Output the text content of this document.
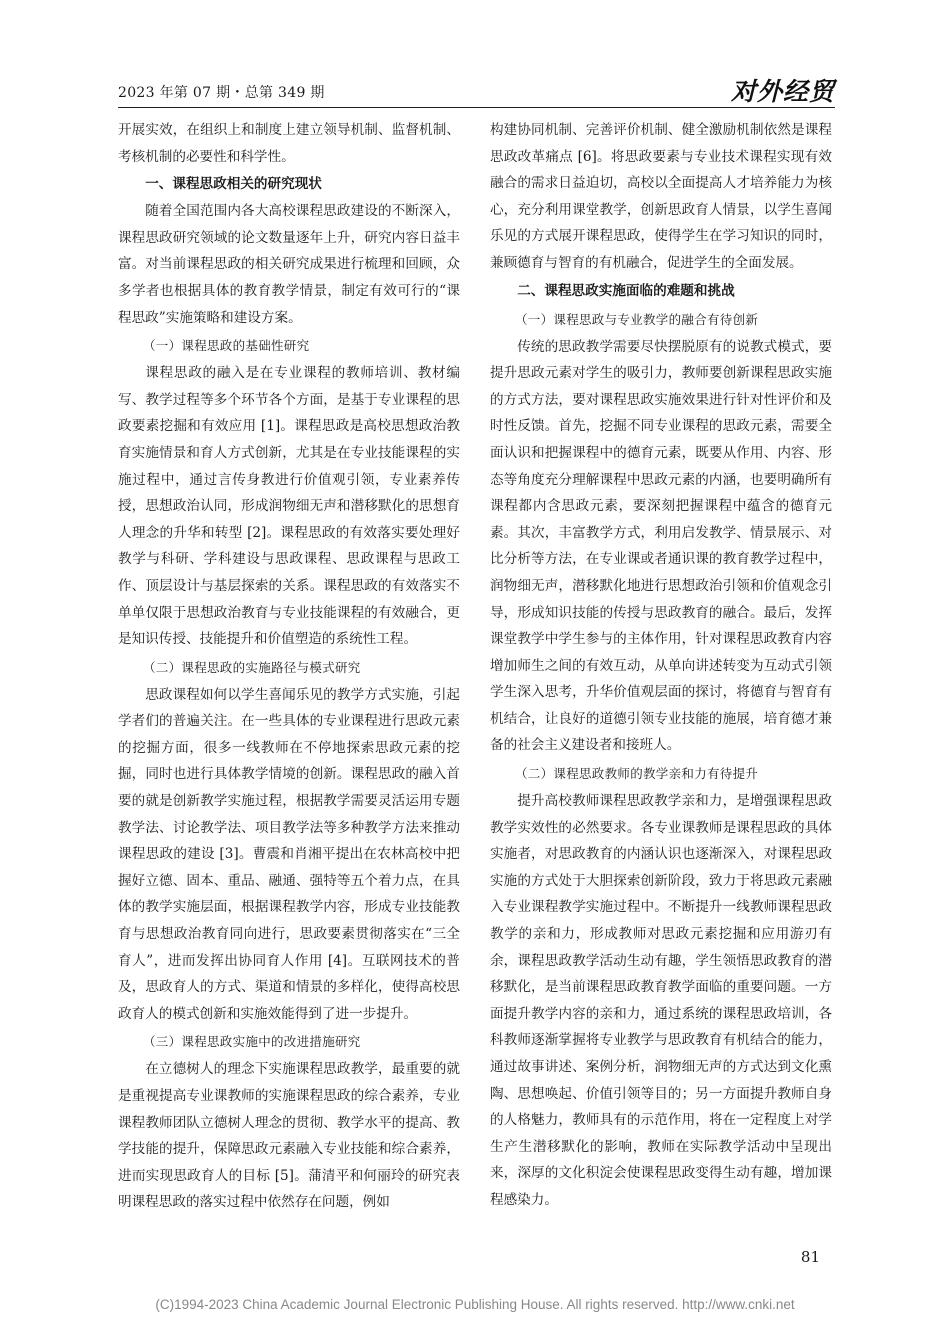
2023 年第 07 期・总第 349 期	对外经贸

开展实效，在组织上和制度上建立领导机制、监督机制、考核机制的必要性和科学性。

一、课程思政相关的研究现状

随着全国范围内各大高校课程思政建设的不断深入，课程思政研究领域的论文数量逐年上升，研究内容日益丰富。对当前课程思政的相关研究成果进行梳理和回顾，众多学者也根据具体的教育教学情景，制定有效可行的“课程思政”实施策略和建设方案。

（一）课程思政的基础性研究

课程思政的融入是在专业课程的教师培训、教材编写、教学过程等多个环节各个方面，是基于专业课程的思政要素挖掘和有效应用 [1]。课程思政是高校思想政治教育实施情景和育人方式创新，尤其是在专业技能课程的实施过程中，通过言传身教进行价值观引领，专业素养传授，思想政治认同，形成润物细无声和潜移默化的思想育人理念的升华和转型 [2]。课程思政的有效落实要处理好教学与科研、学科建设与思政课程、思政课程与思政工作、顶层设计与基层探索的关系。课程思政的有效落实不单单仅限于思想政治教育与专业技能课程的有效融合，更是知识传授、技能提升和价值塑造的系统性工程。

（二）课程思政的实施路径与模式研究

思政课程如何以学生喜闻乐见的教学方式实施，引起学者们的普遍关注。在一些具体的专业课程进行思政元素的挖掘方面，很多一线教师在不停地探索思政元素的挖掘，同时也进行具体教学情境的创新。课程思政的融入首要的就是创新教学实施过程，根据教学需要灵活运用专题教学法、讨论教学法、项目教学法等多种教学方法来推动课程思政的建设 [3]。曹震和肖湘平提出在农林高校中把握好立德、固本、重品、融通、强特等五个着力点，在具体的教学实施层面，根据课程教学内容，形成专业技能教育与思想政治教育同向进行，思政要素贯彻落实在“三全育人”，进而发挥出协同育人作用 [4]。互联网技术的普及，思政育人的方式、渠道和情景的多样化，使得高校思政育人的模式创新和实施效能得到了进一步提升。

（三）课程思政实施中的改进措施研究

在立德树人的理念下实施课程思政教学，最重要的就是重视提高专业课教师的实施课程思政的综合素养，专业课程教师团队立德树人理念的贯彻、教学水平的提高、教学技能的提升，保障思政元素融入专业技能和综合素养，进而实现思政育人的目标 [5]。蒲清平和何丽玲的研究表明课程思政的落实过程中依然存在问题，例如

构建协同机制、完善评价机制、健全激励机制依然是课程思政改革痛点 [6]。将思政要素与专业技术课程实现有效融合的需求日益迫切，高校以全面提高人才培养能力为核心，充分利用课堂教学，创新思政育人情景，以学生喜闻乐见的方式展开课程思政，使得学生在学习知识的同时，兼顾德育与智育的有机融合，促进学生的全面发展。

二、课程思政实施面临的难题和挑战
（一）课程思政与专业教学的融合有待创新

传统的思政教学需要尽快摆脱原有的说教式模式，要提升思政元素对学生的吸引力，教师要创新课程思政实施的方式方法，要对课程思政实施效果进行针对性评价和及时性反馈。首先，挖掘不同专业课程的思政元素，需要全面认识和把握课程中的德育元素，既要从作用、内容、形态等角度充分理解课程中思政元素的内涵，也要明确所有课程都内含思政元素，要深刻把握课程中蕴含的德育元素。其次，丰富教学方式，利用启发教学、情景展示、对比分析等方法，在专业课或者通识课的教育教学过程中，润物细无声，潜移默化地进行思想政治引领和价值观念引导，形成知识技能的传授与思政教育的融合。最后，发挥课堂教学中学生参与的主体作用，针对课程思政教育内容增加师生之间的有效互动，从单向讲述转变为互动式引领学生深入思考，升华价值观层面的探讨，将德育与智育有机结合，让良好的道德引领专业技能的施展，培育德才兼备的社会主义建设者和接班人。

（二）课程思政教师的教学亲和力有待提升

提升高校教师课程思政教学亲和力，是增强课程思政教学实效性的必然要求。各专业课教师是课程思政的具体实施者，对思政教育的内涵认识也逐渐深入，对课程思政实施的方式处于大胆探索创新阶段，致力于将思政元素融入专业课程教学实施过程中。不断提升一线教师课程思政教学的亲和力，形成教师对思政元素挖掘和应用游刃有余，课程思政教学活动生动有趣，学生领悟思政教育的潜移默化，是当前课程思政教育教学面临的重要问题。一方面提升教学内容的亲和力，通过系统的课程思政培训，各科教师逐渐掌握将专业教学与思政教育有机结合的能力，通过故事讲述、案例分析，润物细无声的方式达到文化熏陶、思想唤起、价值引领等目的；另一方面提升教师自身的人格魅力，教师具有的示范作用，将在一定程度上对学生产生潜移默化的影响，教师在实际教学活动中呈现出来，深厚的文化积淀会使课程思政变得生动有趣，增加课程感染力。

81
(C)1994-2023 China Academic Journal Electronic Publishing House. All rights reserved. http://www.cnki.net
